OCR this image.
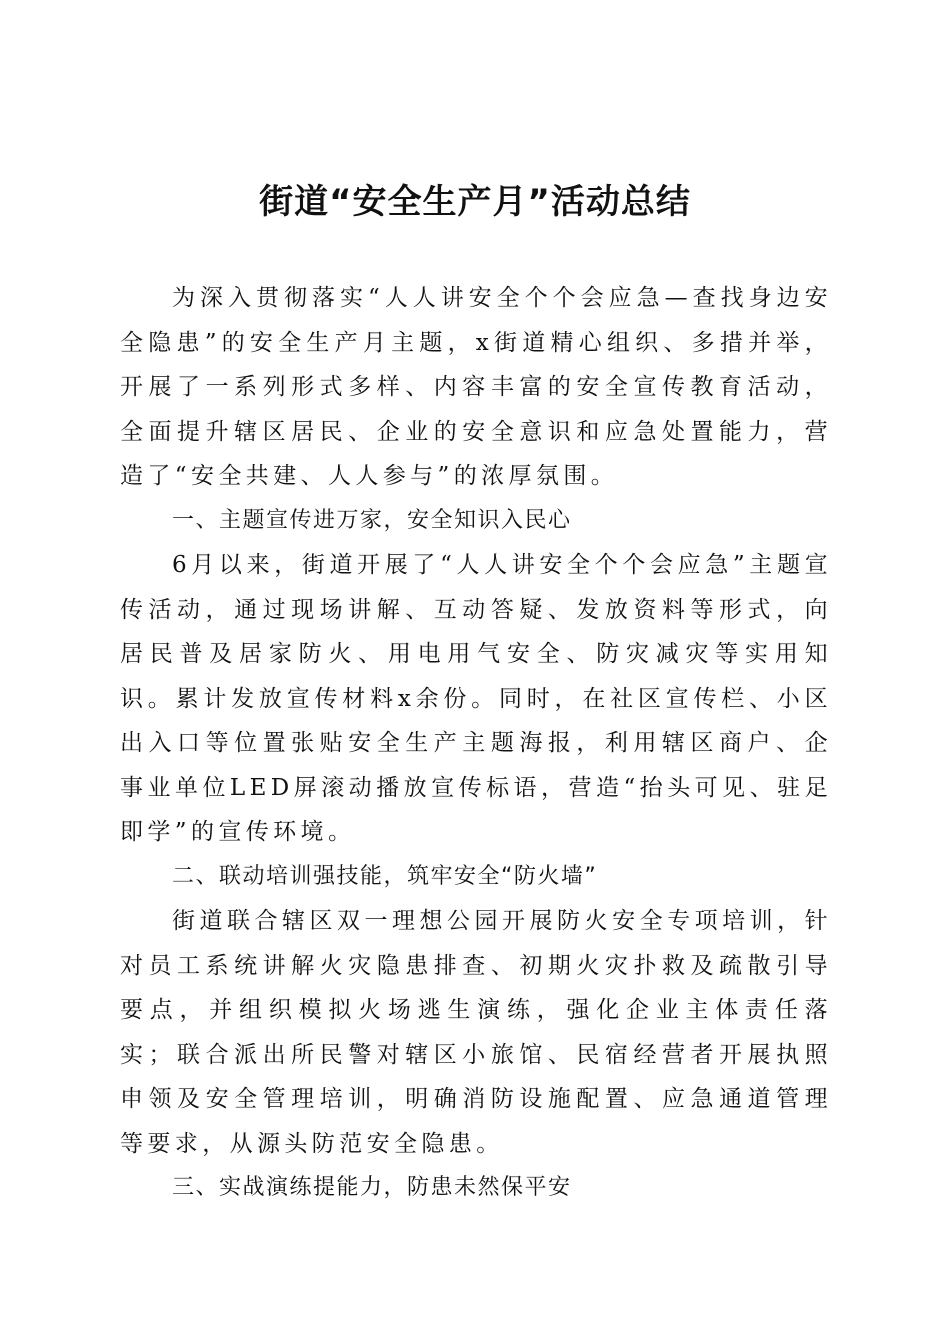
街道“安全生产月”活动总结

为深入贯彻落实“人人讲安全个个会应急—查找身边安全隐患”的安全生产月主题，x街道精心组织、多措并举，开展了一系列形式多样、内容丰富的安全宣传教育活动，全面提升辖区居民、企业的安全意识和应急处置能力，营造了“安全共建、人人参与”的浓厚氛围。

一、主题宣传进万家，安全知识入民心

6月以来，街道开展了“人人讲安全个个会应急”主题宣传活动，通过现场讲解、互动答疑、发放资料等形式，向居民普及居家防火、用电用气安全、防灾减灾等实用知识。累计发放宣传材料x余份。同时，在社区宣传栏、小区出入口等位置张贴安全生产主题海报，利用辖区商户、企事业单位LED屏滚动播放宣传标语，营造“抬头可见、驻足即学”的宣传环境。

二、联动培训强技能，筑牢安全“防火墙”

街道联合辖区双一理想公园开展防火安全专项培训，针对员工系统讲解火灾隐患排查、初期火灾扑救及疏散引导要点，并组织模拟火场逃生演练，强化企业主体责任落实；联合派出所民警对辖区小旅馆、民宿经营者开展执照申领及安全管理培训，明确消防设施配置、应急通道管理等要求，从源头防范安全隐患。

三、实战演练提能力，防患未然保平安
